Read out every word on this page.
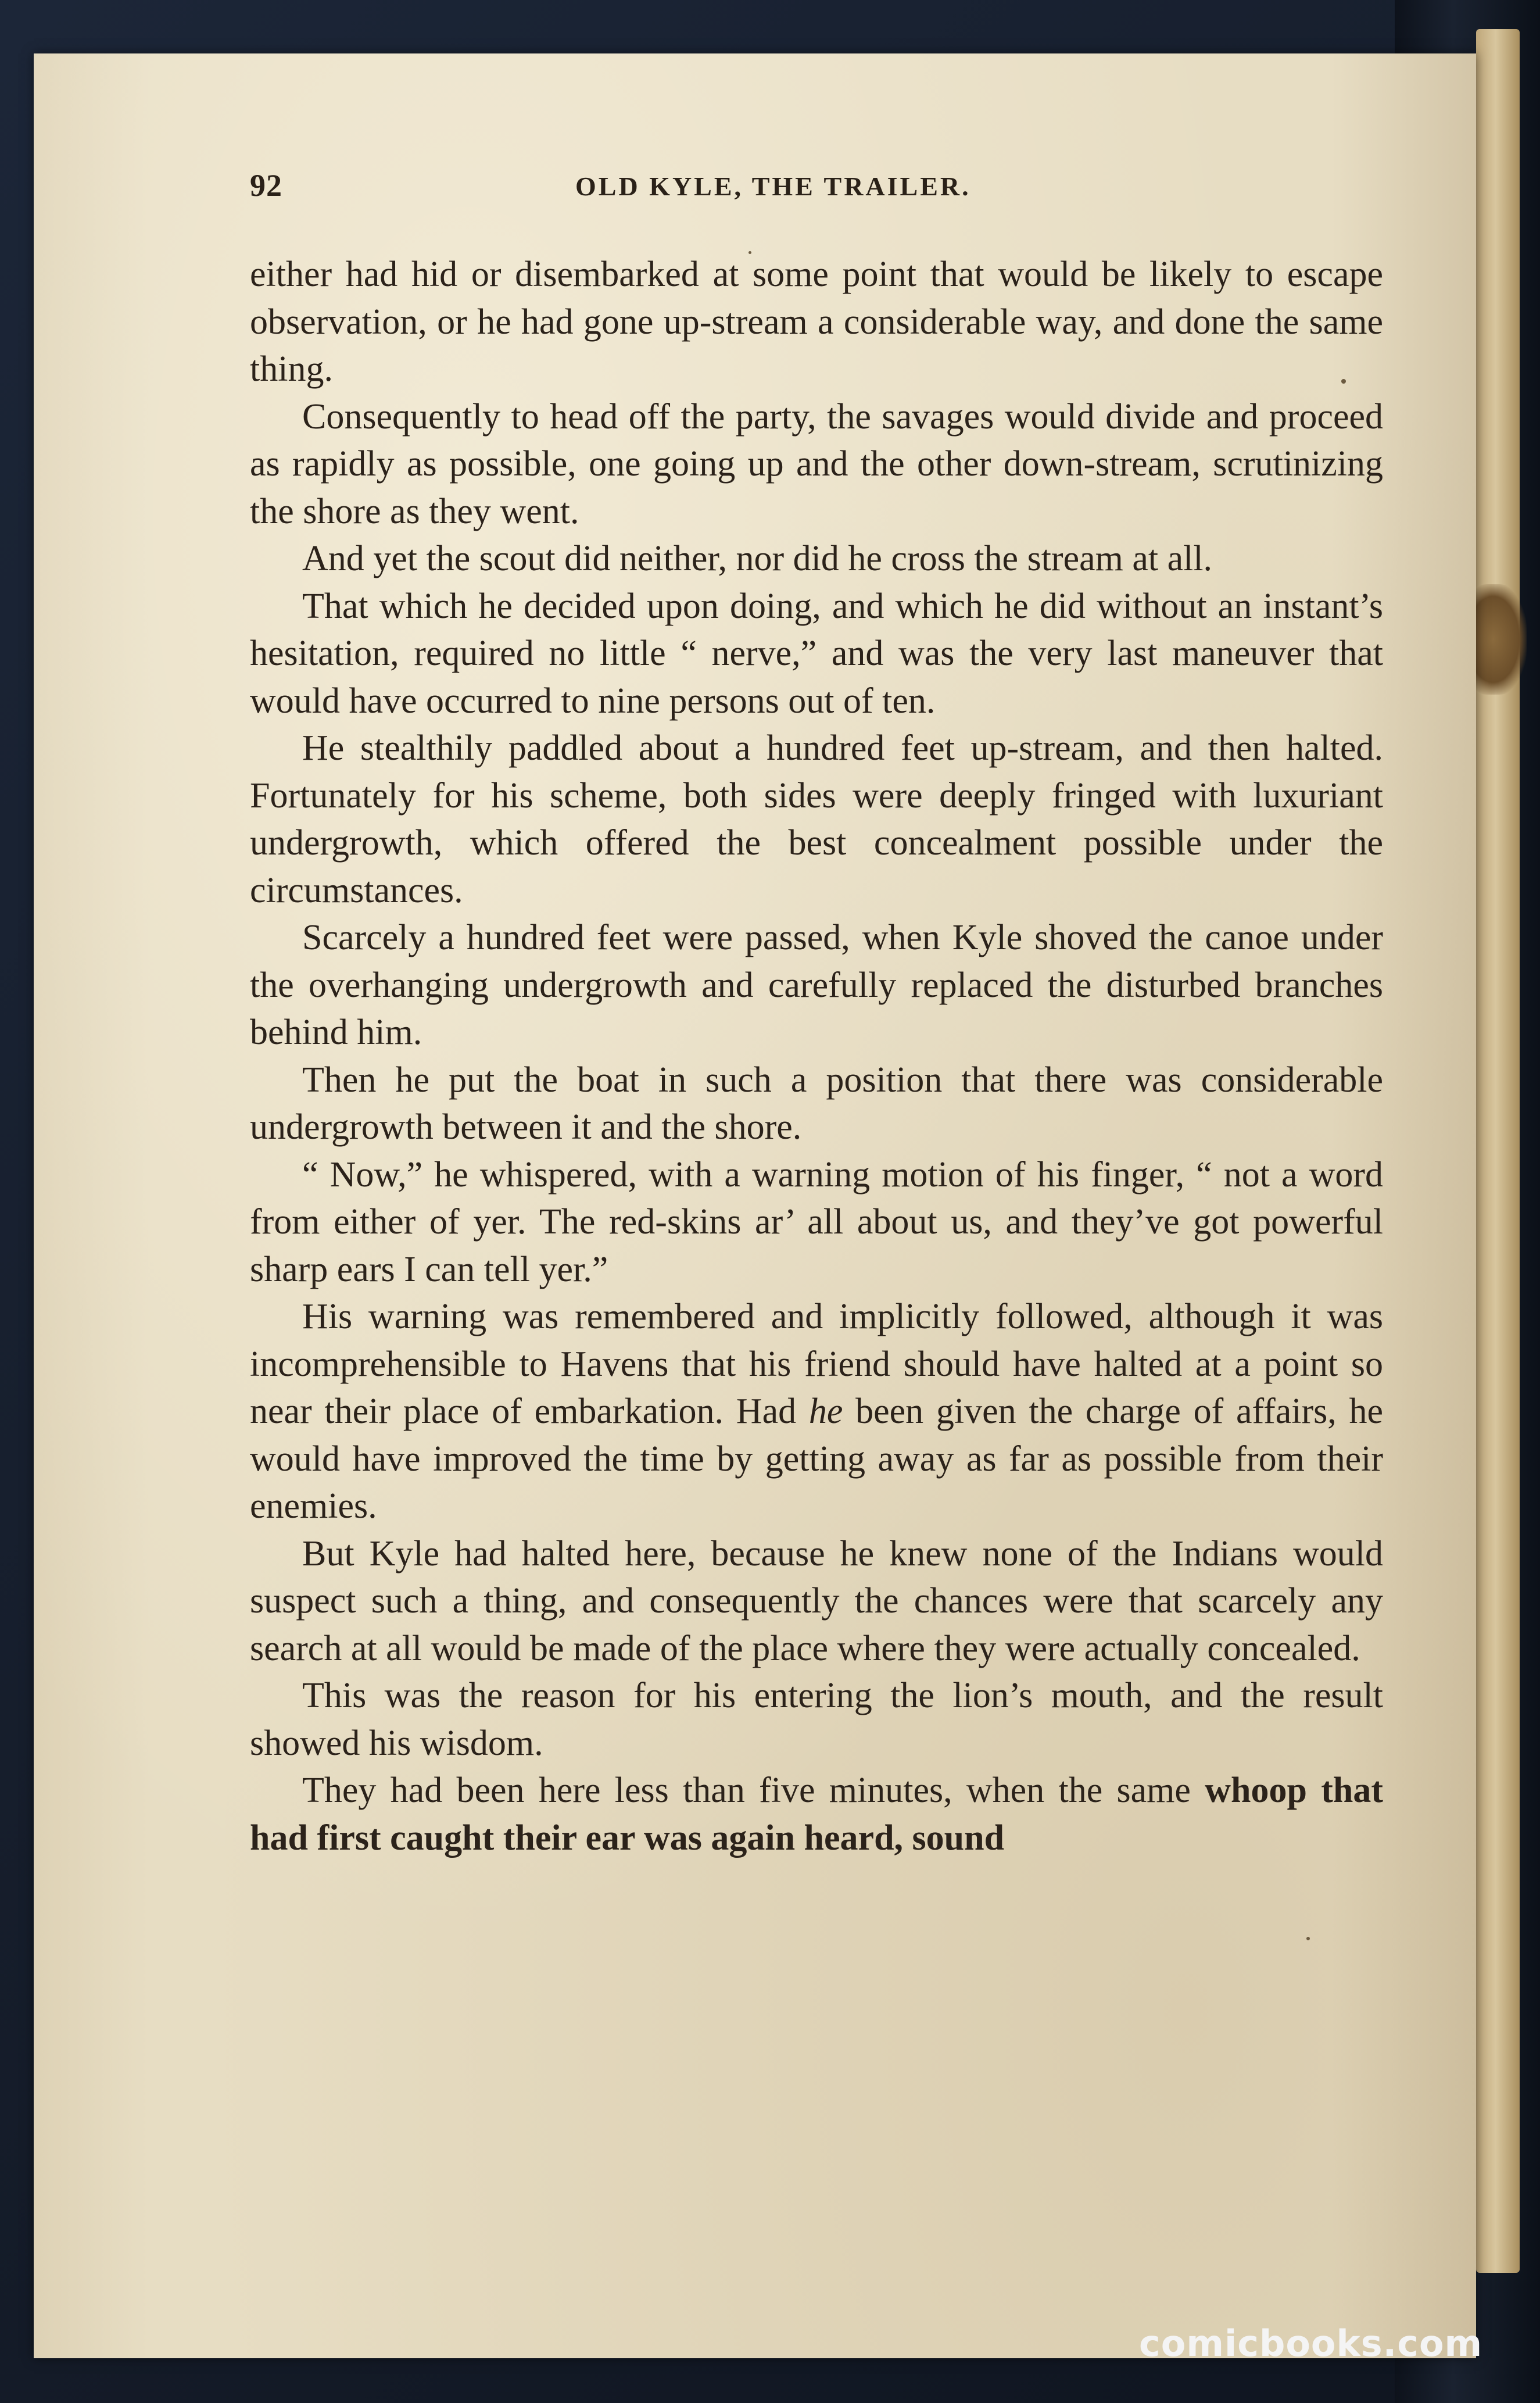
92	OLD KYLE, THE TRAILER.

either had hid or disembarked at some point that would be likely to escape observation, or he had gone up-stream a considerable way, and done the same thing.

Consequently to head off the party, the savages would divide and proceed as rapidly as possible, one going up and the other down-stream, scrutinizing the shore as they went.

And yet the scout did neither, nor did he cross the stream at all.

That which he decided upon doing, and which he did without an instant’s hesitation, required no little “ nerve,” and was the very last maneuver that would have occurred to nine persons out of ten.

He stealthily paddled about a hundred feet up-stream, and then halted. Fortunately for his scheme, both sides were deeply fringed with luxuriant undergrowth, which offered the best concealment possible under the circumstances.

Scarcely a hundred feet were passed, when Kyle shoved the canoe under the overhanging undergrowth and carefully replaced the disturbed branches behind him.

Then he put the boat in such a position that there was considerable undergrowth between it and the shore.

“ Now,” he whispered, with a warning motion of his finger, “ not a word from either of yer. The red-skins ar’ all about us, and they’ve got powerful sharp ears I can tell yer.”

His warning was remembered and implicitly followed, although it was incomprehensible to Havens that his friend should have halted at a point so near their place of embarkation. Had he been given the charge of affairs, he would have improved the time by getting away as far as possible from their enemies.

But Kyle had halted here, because he knew none of the Indians would suspect such a thing, and consequently the chances were that scarcely any search at all would be made of the place where they were actually concealed.

This was the reason for his entering the lion’s mouth, and the result showed his wisdom.

They had been here less than five minutes, when the same whoop that had first caught their ear was again heard, sound

comicbooks.com
